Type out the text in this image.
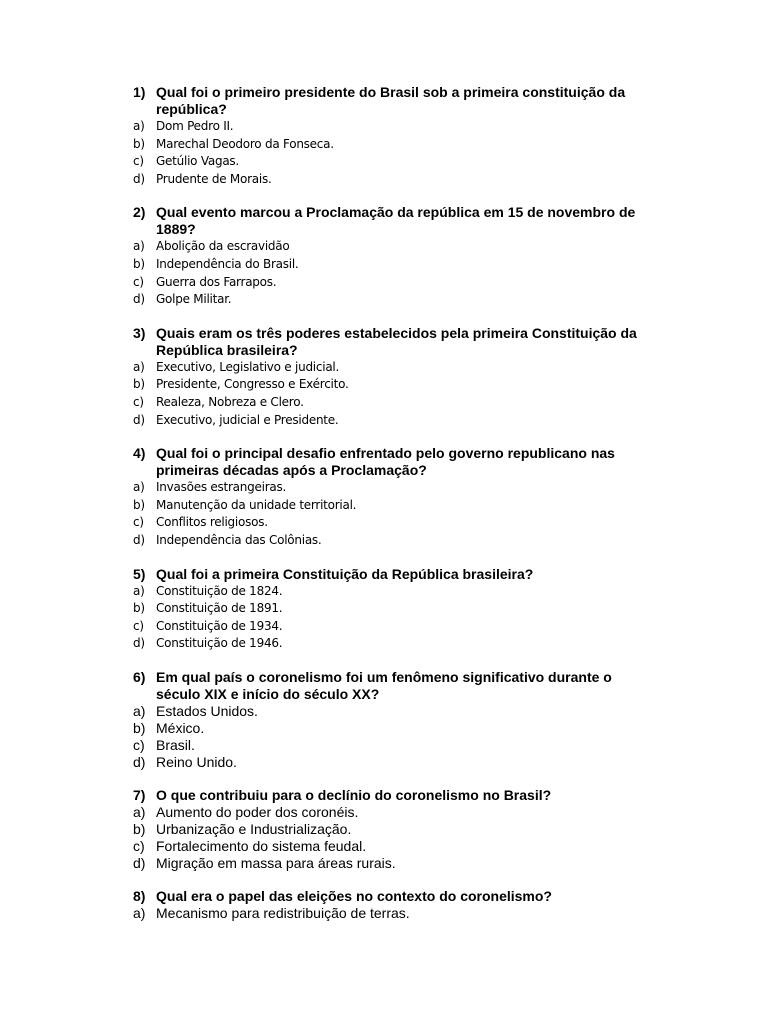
1) Qual foi o primeiro presidente do Brasil sob a primeira constituição da república?
a) Dom Pedro II.
b) Marechal Deodoro da Fonseca.
c)	Getúlio Vagas.
d) Prudente de Morais.
2) Qual evento marcou a Proclamação da república em 15 de novembro de 1889?
a) Abolição da escravidão
b) Independência do Brasil.
c)	Guerra dos Farrapos.
d) Golpe Militar.
3) Quais eram os três poderes estabelecidos pela primeira Constituição da República brasileira?
a) Executivo, Legislativo e judicial.
b) Presidente, Congresso e Exército.
c)	Realeza, Nobreza e Clero.
d) Executivo, judicial e Presidente.
4) Qual foi o principal desafio enfrentado pelo governo republicano nas primeiras décadas após a Proclamação?
a) Invasões estrangeiras.
b) Manutenção da unidade territorial.
c)	Conflitos religiosos.
d) Independência das Colônias.
5) Qual foi a primeira Constituição da República brasileira?
a) Constituição de 1824.
b) Constituição de 1891.
c)	Constituição de 1934.
d) Constituição de 1946.
6) Em qual país o coronelismo foi um fenômeno significativo durante o século XIX e início do século XX?
a) Estados Unidos.
b) México.
c) Brasil.
d) Reino Unido.
7) O que contribuiu para o declínio do coronelismo no Brasil?
a) Aumento do poder dos coronéis.
b) Urbanização e Industrialização.
c) Fortalecimento do sistema feudal.
d) Migração em massa para áreas rurais.
8) Qual era o papel das eleições no contexto do coronelismo?
a) Mecanismo para redistribuição de terras.
